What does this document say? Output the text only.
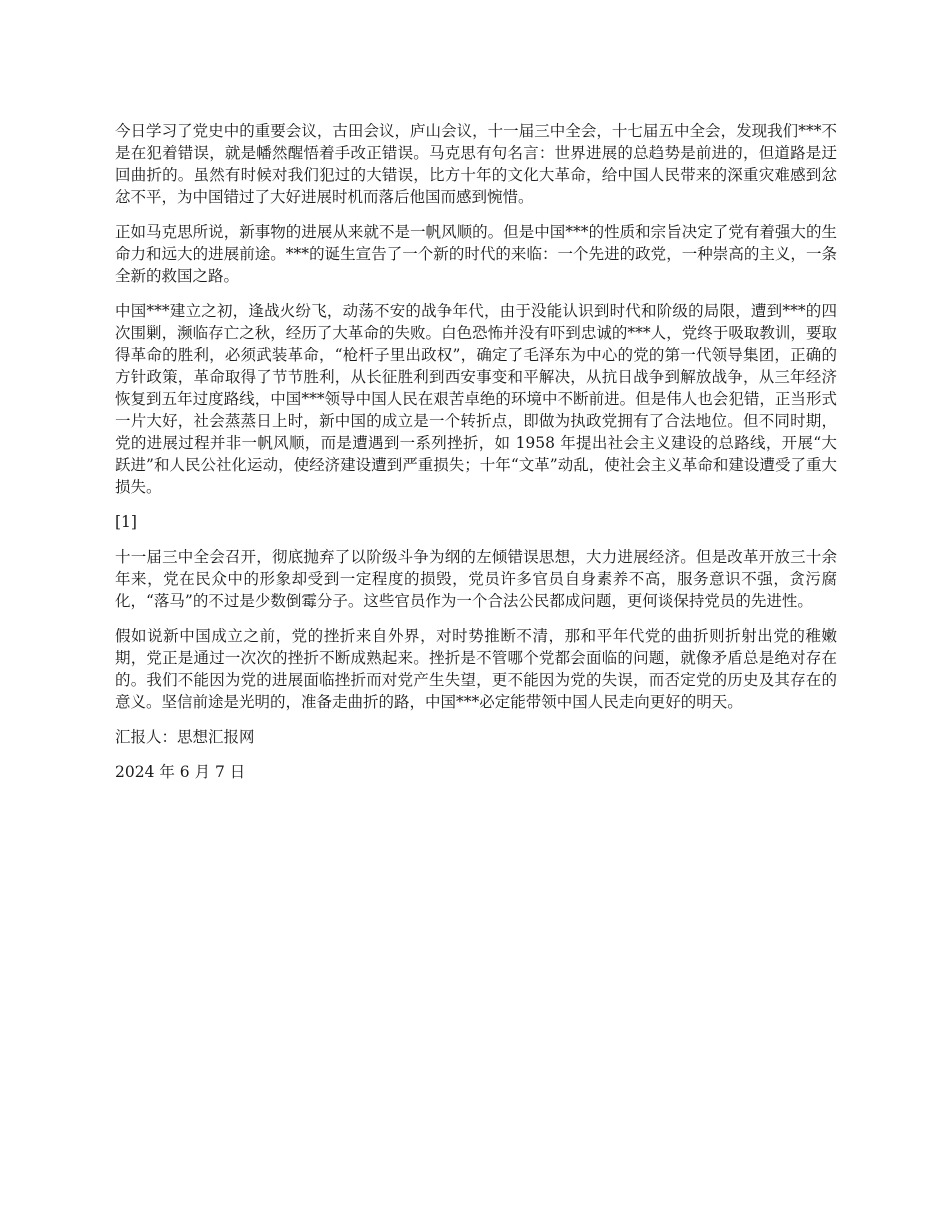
今日学习了党史中的重要会议，古田会议，庐山会议，十一届三中全会，十七届五中全会，发现我们***不是在犯着错误，就是幡然醒悟着手改正错误。马克思有句名言：世界进展的总趋势是前进的，但道路是迂回曲折的。虽然有时候对我们犯过的大错误，比方十年的文化大革命，给中国人民带来的深重灾难感到忿忿不平，为中国错过了大好进展时机而落后他国而感到惋惜。

正如马克思所说，新事物的进展从来就不是一帆风顺的。但是中国***的性质和宗旨决定了党有着强大的生命力和远大的进展前途。***的诞生宣告了一个新的时代的来临：一个先进的政党，一种崇高的主义，一条全新的救国之路。

中国***建立之初，逢战火纷飞，动荡不安的战争年代，由于没能认识到时代和阶级的局限，遭到***的四次围剿，濒临存亡之秋，经历了大革命的失败。白色恐怖并没有吓到忠诚的***人，党终于吸取教训，要取得革命的胜利，必须武装革命，“枪杆子里出政权”，确定了毛泽东为中心的党的第一代领导集团，正确的方针政策，革命取得了节节胜利，从长征胜利到西安事变和平解决，从抗日战争到解放战争，从三年经济恢复到五年过度路线，中国***领导中国人民在艰苦卓绝的环境中不断前进。但是伟人也会犯错，正当形式一片大好，社会蒸蒸日上时，新中国的成立是一个转折点，即做为执政党拥有了合法地位。但不同时期，党的进展过程并非一帆风顺，而是遭遇到一系列挫折，如 1958 年提出社会主义建设的总路线，开展“大跃进”和人民公社化运动，使经济建设遭到严重损失；十年“文革”动乱，使社会主义革命和建设遭受了重大损失。

[1]

十一届三中全会召开，彻底抛弃了以阶级斗争为纲的左倾错误思想，大力进展经济。但是改革开放三十余年来，党在民众中的形象却受到一定程度的损毁，党员许多官员自身素养不高，服务意识不强，贪污腐化，“落马”的不过是少数倒霉分子。这些官员作为一个合法公民都成问题，更何谈保持党员的先进性。

假如说新中国成立之前，党的挫折来自外界，对时势推断不清，那和平年代党的曲折则折射出党的稚嫩期，党正是通过一次次的挫折不断成熟起来。挫折是不管哪个党都会面临的问题，就像矛盾总是绝对存在的。我们不能因为党的进展面临挫折而对党产生失望，更不能因为党的失误，而否定党的历史及其存在的意义。坚信前途是光明的，准备走曲折的路，中国***必定能带领中国人民走向更好的明天。

汇报人：思想汇报网

2024 年 6 月 7 日
